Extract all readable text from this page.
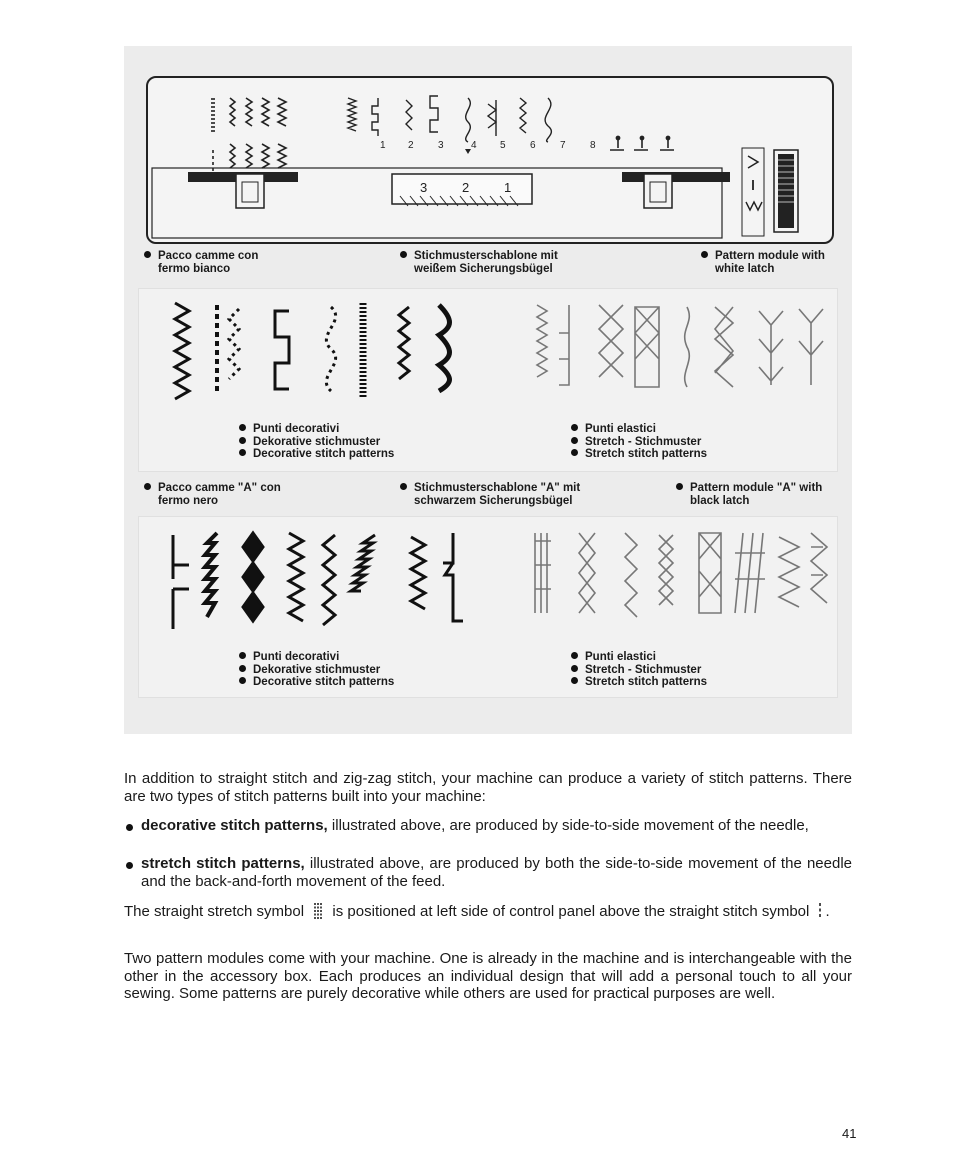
1 2 3	4 5 6 7 8
3	2	1
Pacco camme con
fermo bianco
Stichmusterschablone mit
weißem Sicherungsbügel
Pattern module with
white latch
Punti decorativi
Dekorative stichmuster
Decorative stitch patterns
Punti elastici
Stretch - Stichmuster
Stretch stitch patterns
Pacco camme "A" con
fermo nero
Stichmusterschablone "A" mit
schwarzem Sicherungsbügel
Pattern module "A" with
black latch
Punti decorativi
Dekorative stichmuster
Decorative stitch patterns
Punti elastici
Stretch - Stichmuster
Stretch stitch patterns
In addition to straight stitch and zig-zag stitch, your machine can produce a variety of stitch patterns. There are two types of stitch patterns built into your machine:
decorative stitch patterns, illustrated above, are produced by side-to-side movement of the needle,
stretch stitch patterns, illustrated above, are produced by both the side-to-side movement of the needle and the back-and-forth movement of the feed.
The straight stretch symbol is positioned at left side of control panel above the straight stitch symbol .
Two pattern modules come with your machine. One is already in the machine and is interchangeable with the other in the accessory box. Each produces an individual design that will add a personal touch to all your sewing. Some patterns are purely decorative while others are used for practical purposes are well.
41
